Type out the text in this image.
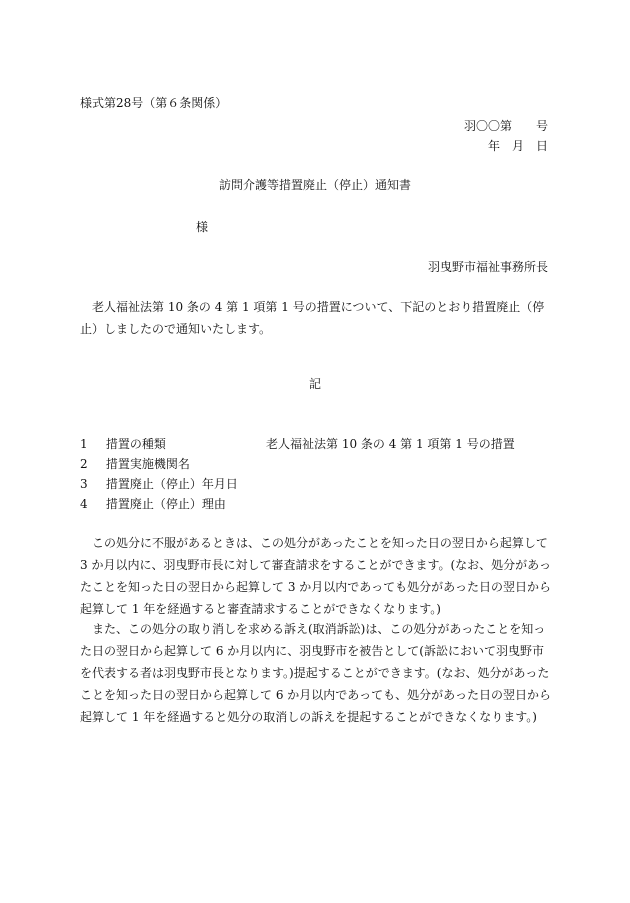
様式第28号（第６条関係）
羽〇〇第　　号
年　月　日
訪問介護等措置廃止（停止）通知書
様
羽曳野市福祉事務所長

老人福祉法第 10 条の 4 第 1 項第 1 号の措置について、下記のとおり措置廃止（停止）しましたので通知いたします。

記
1 措置の種類	老人福祉法第 10 条の 4 第 1 項第 1 号の措置
2 措置実施機関名
3 措置廃止（停止）年月日
4 措置廃止（停止）理由

この処分に不服があるときは、この処分があったことを知った日の翌日から起算して 3 か月以内に、羽曳野市長に対して審査請求をすることができます。(なお、処分があったことを知った日の翌日から起算して 3 か月以内であっても処分があった日の翌日から起算して 1 年を経過すると審査請求することができなくなります。)

また、この処分の取り消しを求める訴え(取消訴訟)は、この処分があったことを知った日の翌日から起算して 6 か月以内に、羽曳野市を被告として(訴訟において羽曳野市を代表する者は羽曳野市長となります。)提起することができます。(なお、処分があったことを知った日の翌日から起算して 6 か月以内であっても、処分があった日の翌日から起算して 1 年を経過すると処分の取消しの訴えを提起することができなくなります。)
